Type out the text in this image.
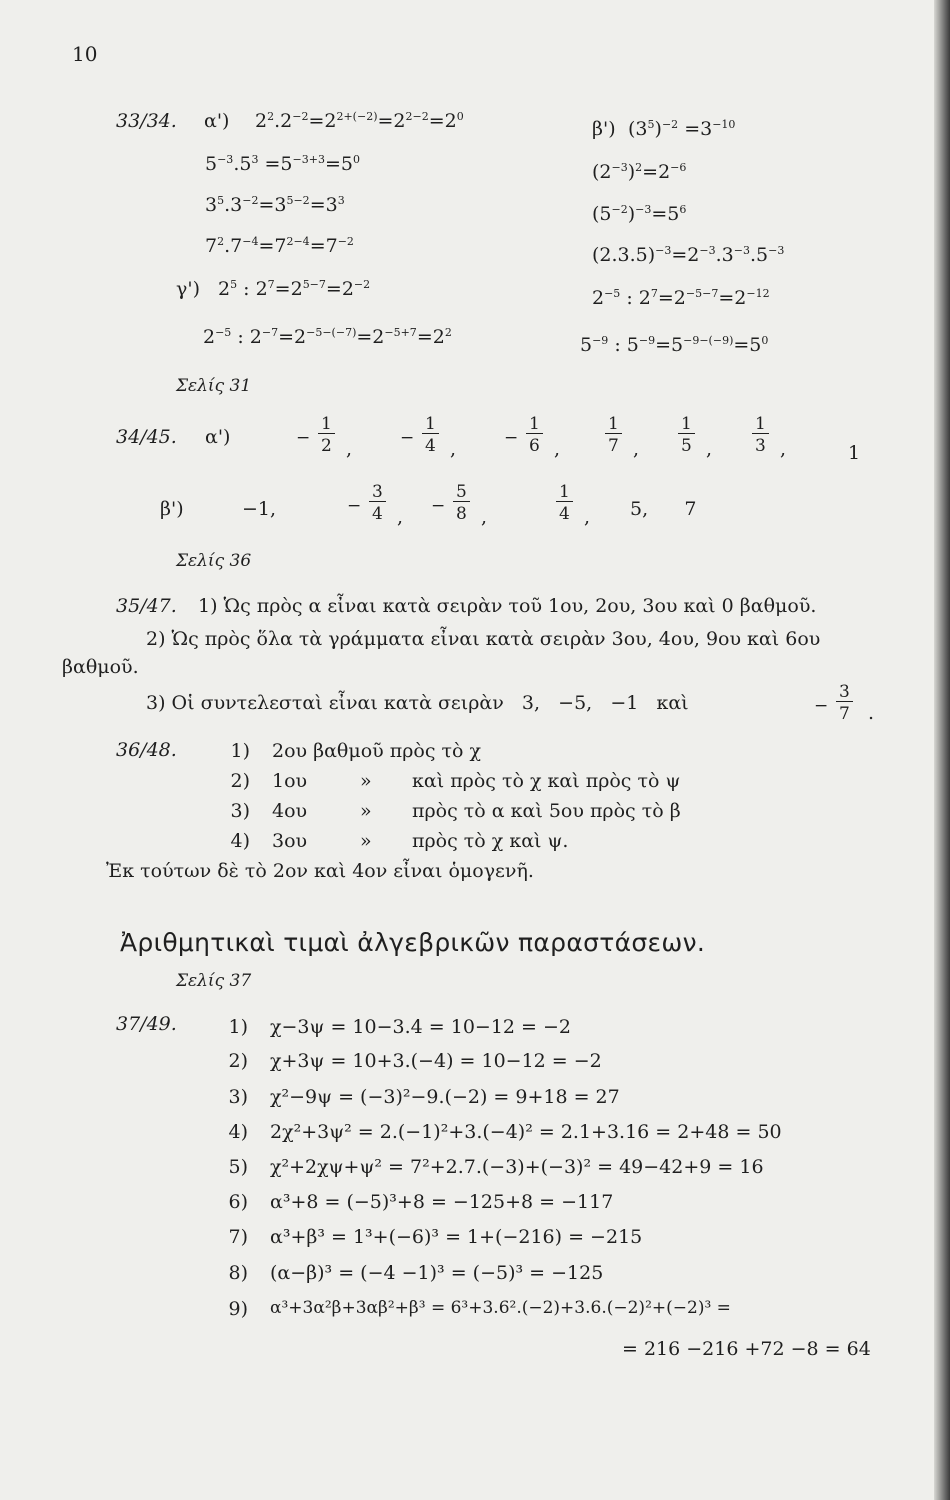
10
33/34. α') $2^2.2^{-2}=2^{2+(-2)}=2^{2-2}=2^0$
$5^{-3}.5^3 =5^{-3+3}=5^0$
$3^5.3^{-2}=3^{5-2}=3^3$
$7^2.7^{-4}=7^{2-4}=7^{-2}$
γ') $2^5$ : $2^7=2^{5-7}=2^{-2}$
$2^{-5}$ : $2^{-7}=2^{-5-(-7)}=2^{-5+7}=2^2$
β') $(3^5)^{-2} =3^{-10}$
$(2^{-3})^2=2^{-6}$
$(5^{-2})^{-3}=5^6$
$(2.3.5)^{-3}=2^{-3}.3^{-3}.5^{-3}$
$2^{-5}$ : $2^7=2^{-5-7}=2^{-12}$
$5^{-9}$ : $5^{-9}=5^{-9-(-9)}=5^0$
Σελίς 31
34/45. α')	−
1
2 ,	−
1
4 ,	−
1
6 ,	$\frac{1}{7}$ , $\frac{1}{5}$ , $\frac{1}{3}$ ,	1
β')	−1,	−
3
4 , −
5
8 ,	$\frac{1}{4}$ , 5,      7
Σελίς 36
35/47. 1) Ὡς πρὸς α εἶναι κατὰ σειρὰν τοῦ 1ου, 2ου, 3ου καὶ 0 βαθμοῦ.
2) Ὡς πρὸς ὅλα τὰ γράμματα εἶναι κατὰ σειρὰν 3ου, 4ου, 9ου καὶ 6ου
βαθμοῦ.
3) Οἱ συντελεσταὶ εἶναι κατὰ σειρὰν   3,   −5,   −1   καὶ	−
3
7 .
36/48.	1) 2ου βαθμοῦ πρὸς τὸ χ
2) 1ου	» καὶ πρὸς τὸ χ καὶ πρὸς τὸ ψ
3) 4ου	» πρὸς τὸ α καὶ 5ου πρὸς τὸ β
4) 3ου	» πρὸς τὸ χ καὶ ψ.
Ἐκ τούτων δὲ τὸ 2ον καὶ 4ον εἶναι ὁμογενῆ.
Ἀριθμητικαὶ τιμαὶ ἀλγεβρικῶν παραστάσεων.
Σελίς 37
37/49.	1) χ−3ψ = 10−3.4 = 10−12 = −2
2) χ+3ψ = 10+3.(−4) = 10−12 = −2
3) χ²−9ψ = (−3)²−9.(−2) = 9+18 = 27
4) 2χ²+3ψ² = 2.(−1)²+3.(−4)² = 2.1+3.16 = 2+48 = 50
5) χ²+2χψ+ψ² = 7²+2.7.(−3)+(−3)² = 49−42+9 = 16
6) α³+8 = (−5)³+8 = −125+8 = −117
7) α³+β³ = 1³+(−6)³ = 1+(−216) = −215
8) (α−β)³ = (−4 −1)³ = (−5)³ = −125
9) α³+3α²β+3αβ²+β³ = 6³+3.6².(−2)+3.6.(−2)²+(−2)³ =
= 216 −216 +72 −8 = 64
